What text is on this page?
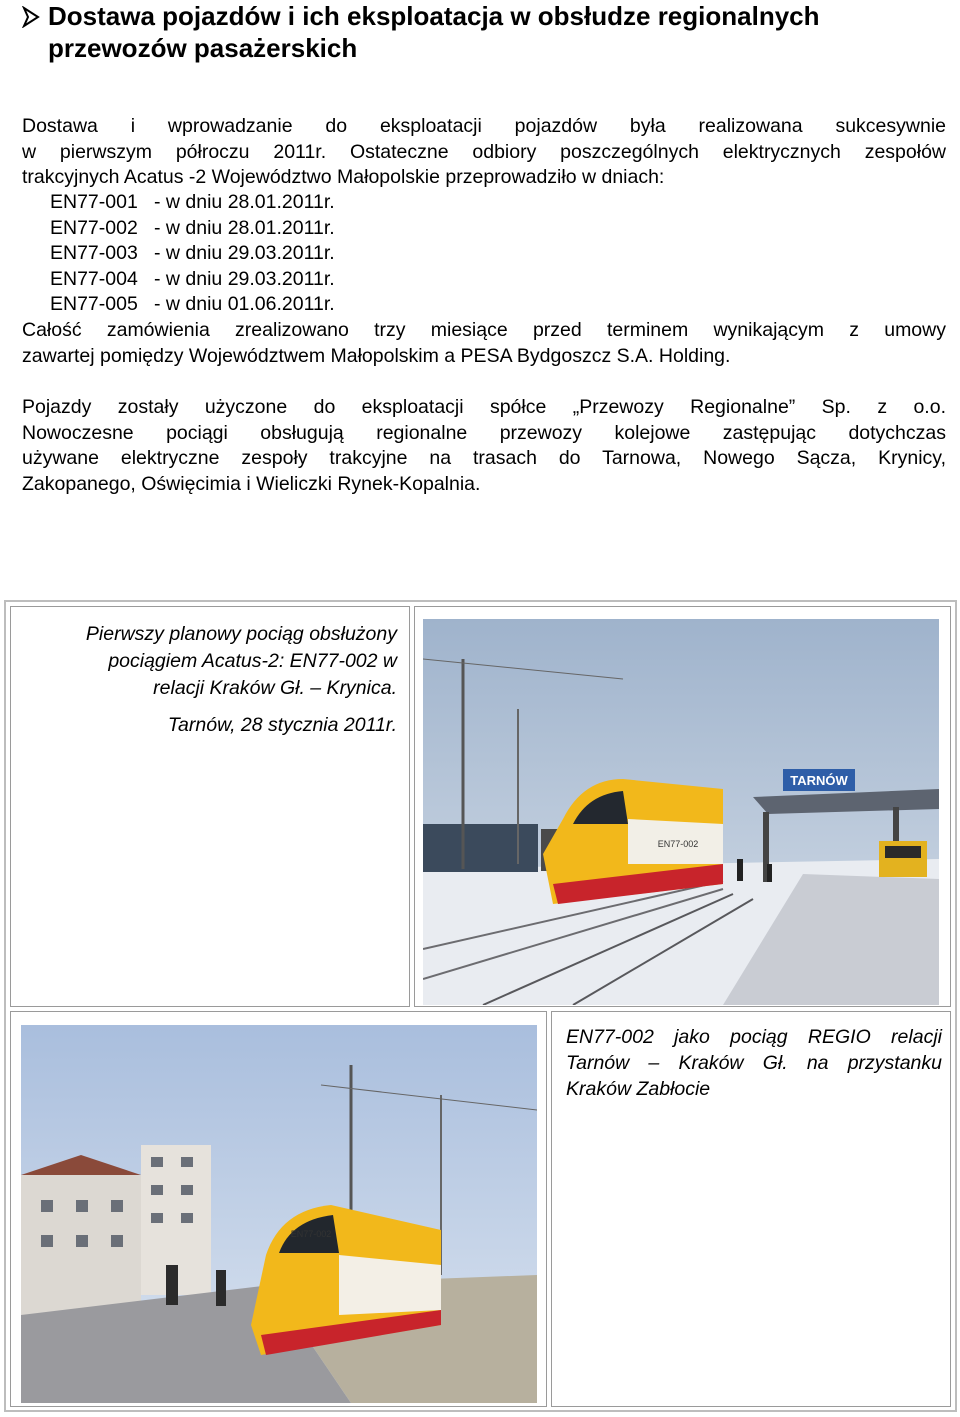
Dostawa pojazdów i ich eksploatacja w obsłudze regionalnych
przewozów pasażerskich
Dostawa i wprowadzanie do eksploatacji pojazdów była realizowana sukcesywnie
w pierwszym półroczu 2011r. Ostateczne odbiory poszczególnych elektrycznych zespołów
trakcyjnych Acatus -2 Województwo Małopolskie przeprowadziło w dniach:
EN77-001 - w dniu 28.01.2011r.
EN77-002 - w dniu 28.01.2011r.
EN77-003 - w dniu 29.03.2011r.
EN77-004 - w dniu 29.03.2011r.
EN77-005 - w dniu 01.06.2011r.
Całość zamówienia zrealizowano trzy miesiące przed terminem wynikającym z umowy
zawartej pomiędzy Województwem Małopolskim a PESA Bydgoszcz S.A. Holding.
Pojazdy zostały użyczone do eksploatacji spółce „Przewozy Regionalne” Sp. z o.o.
Nowoczesne pociągi obsługują regionalne przewozy kolejowe zastępując dotychczas
używane elektryczne zespoły trakcyjne na trasach do Tarnowa, Nowego Sącza, Krynicy,
Zakopanego, Oświęcimia i Wieliczki Rynek-Kopalnia.
Pierwszy planowy pociąg obsłużony
pociągiem Acatus-2: EN77-002 w
relacji Kraków Gł. – Krynica.
Tarnów, 28 stycznia 2011r.
TARNÓW
EN77-002
EN77-002
EN77-002 jako pociąg REGIO relacji
Tarnów – Kraków Gł. na przystanku
Kraków Zabłocie
